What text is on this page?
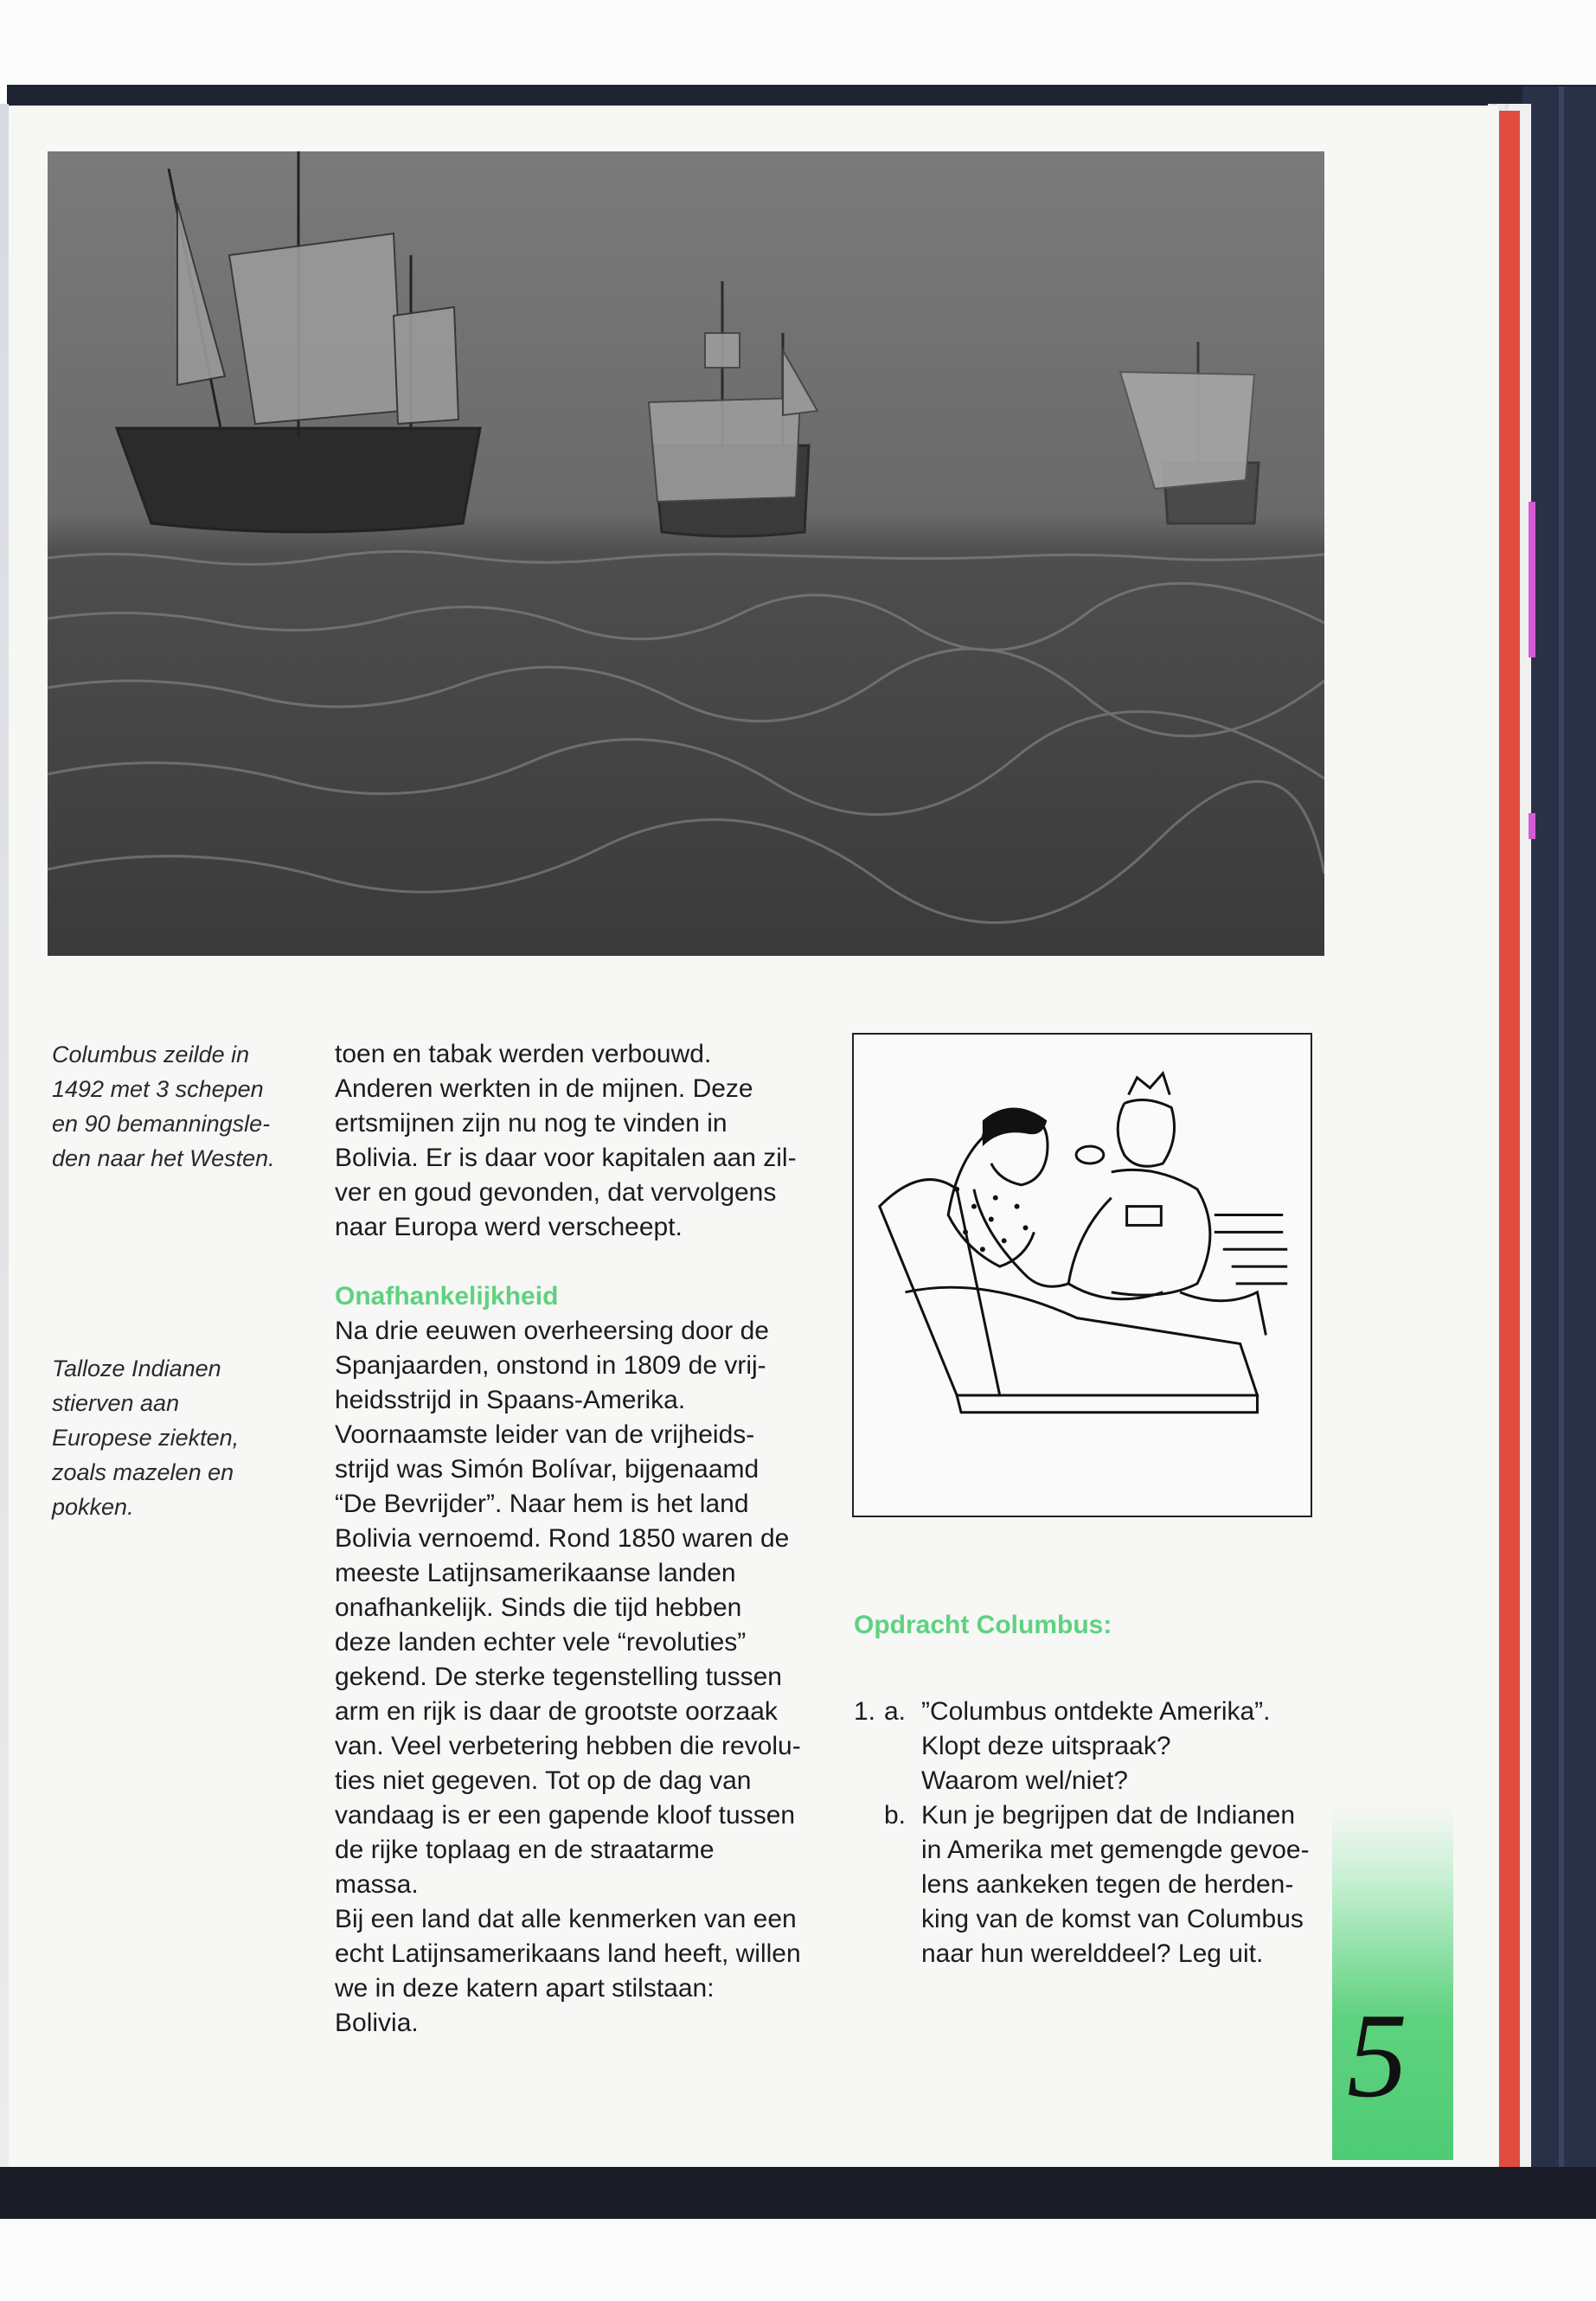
Columbus zeilde in
1492 met 3 schepen
en 90 bemanningsle-
den naar het Westen.
Talloze Indianen
stierven aan
Europese ziekten,
zoals mazelen en
pokken.

toen en tabak werden verbouwd.

Anderen werkten in de mijnen. Deze

ertsmijnen zijn nu nog te vinden in

Bolivia. Er is daar voor kapitalen aan zil-

ver en goud gevonden, dat vervolgens

naar Europa werd verscheept.

Onafhankelijkheid

Na drie eeuwen overheersing door de

Spanjaarden, onstond in 1809 de vrij-

heidsstrijd in Spaans-Amerika.

Voornaamste leider van de vrijheids-

strijd was Simón Bolívar, bijgenaamd

“De Bevrijder”. Naar hem is het land

Bolivia vernoemd. Rond 1850 waren de

meeste Latijnsamerikaanse landen

onafhankelijk. Sinds die tijd hebben

deze landen echter vele “revoluties”

gekend. De sterke tegenstelling tussen

arm en rijk is daar de grootste oorzaak

van. Veel verbetering hebben die revolu-

ties niet gegeven. Tot op de dag van

vandaag is er een gapende kloof tussen

de rijke toplaag en de straatarme

massa.

Bij een land dat alle kenmerken van een

echt Latijnsamerikaans land heeft, willen

we in deze katern apart stilstaan:

Bolivia.

Opdracht Columbus:
1. a. ”Columbus ontdekte Amerika”.
Klopt deze uitspraak?
Waarom wel/niet?
b. Kun je begrijpen dat de Indianen
in Amerika met gemengde gevoe-
lens aankeken tegen de herden-
king van de komst van Columbus
naar hun werelddeel? Leg uit.
5
